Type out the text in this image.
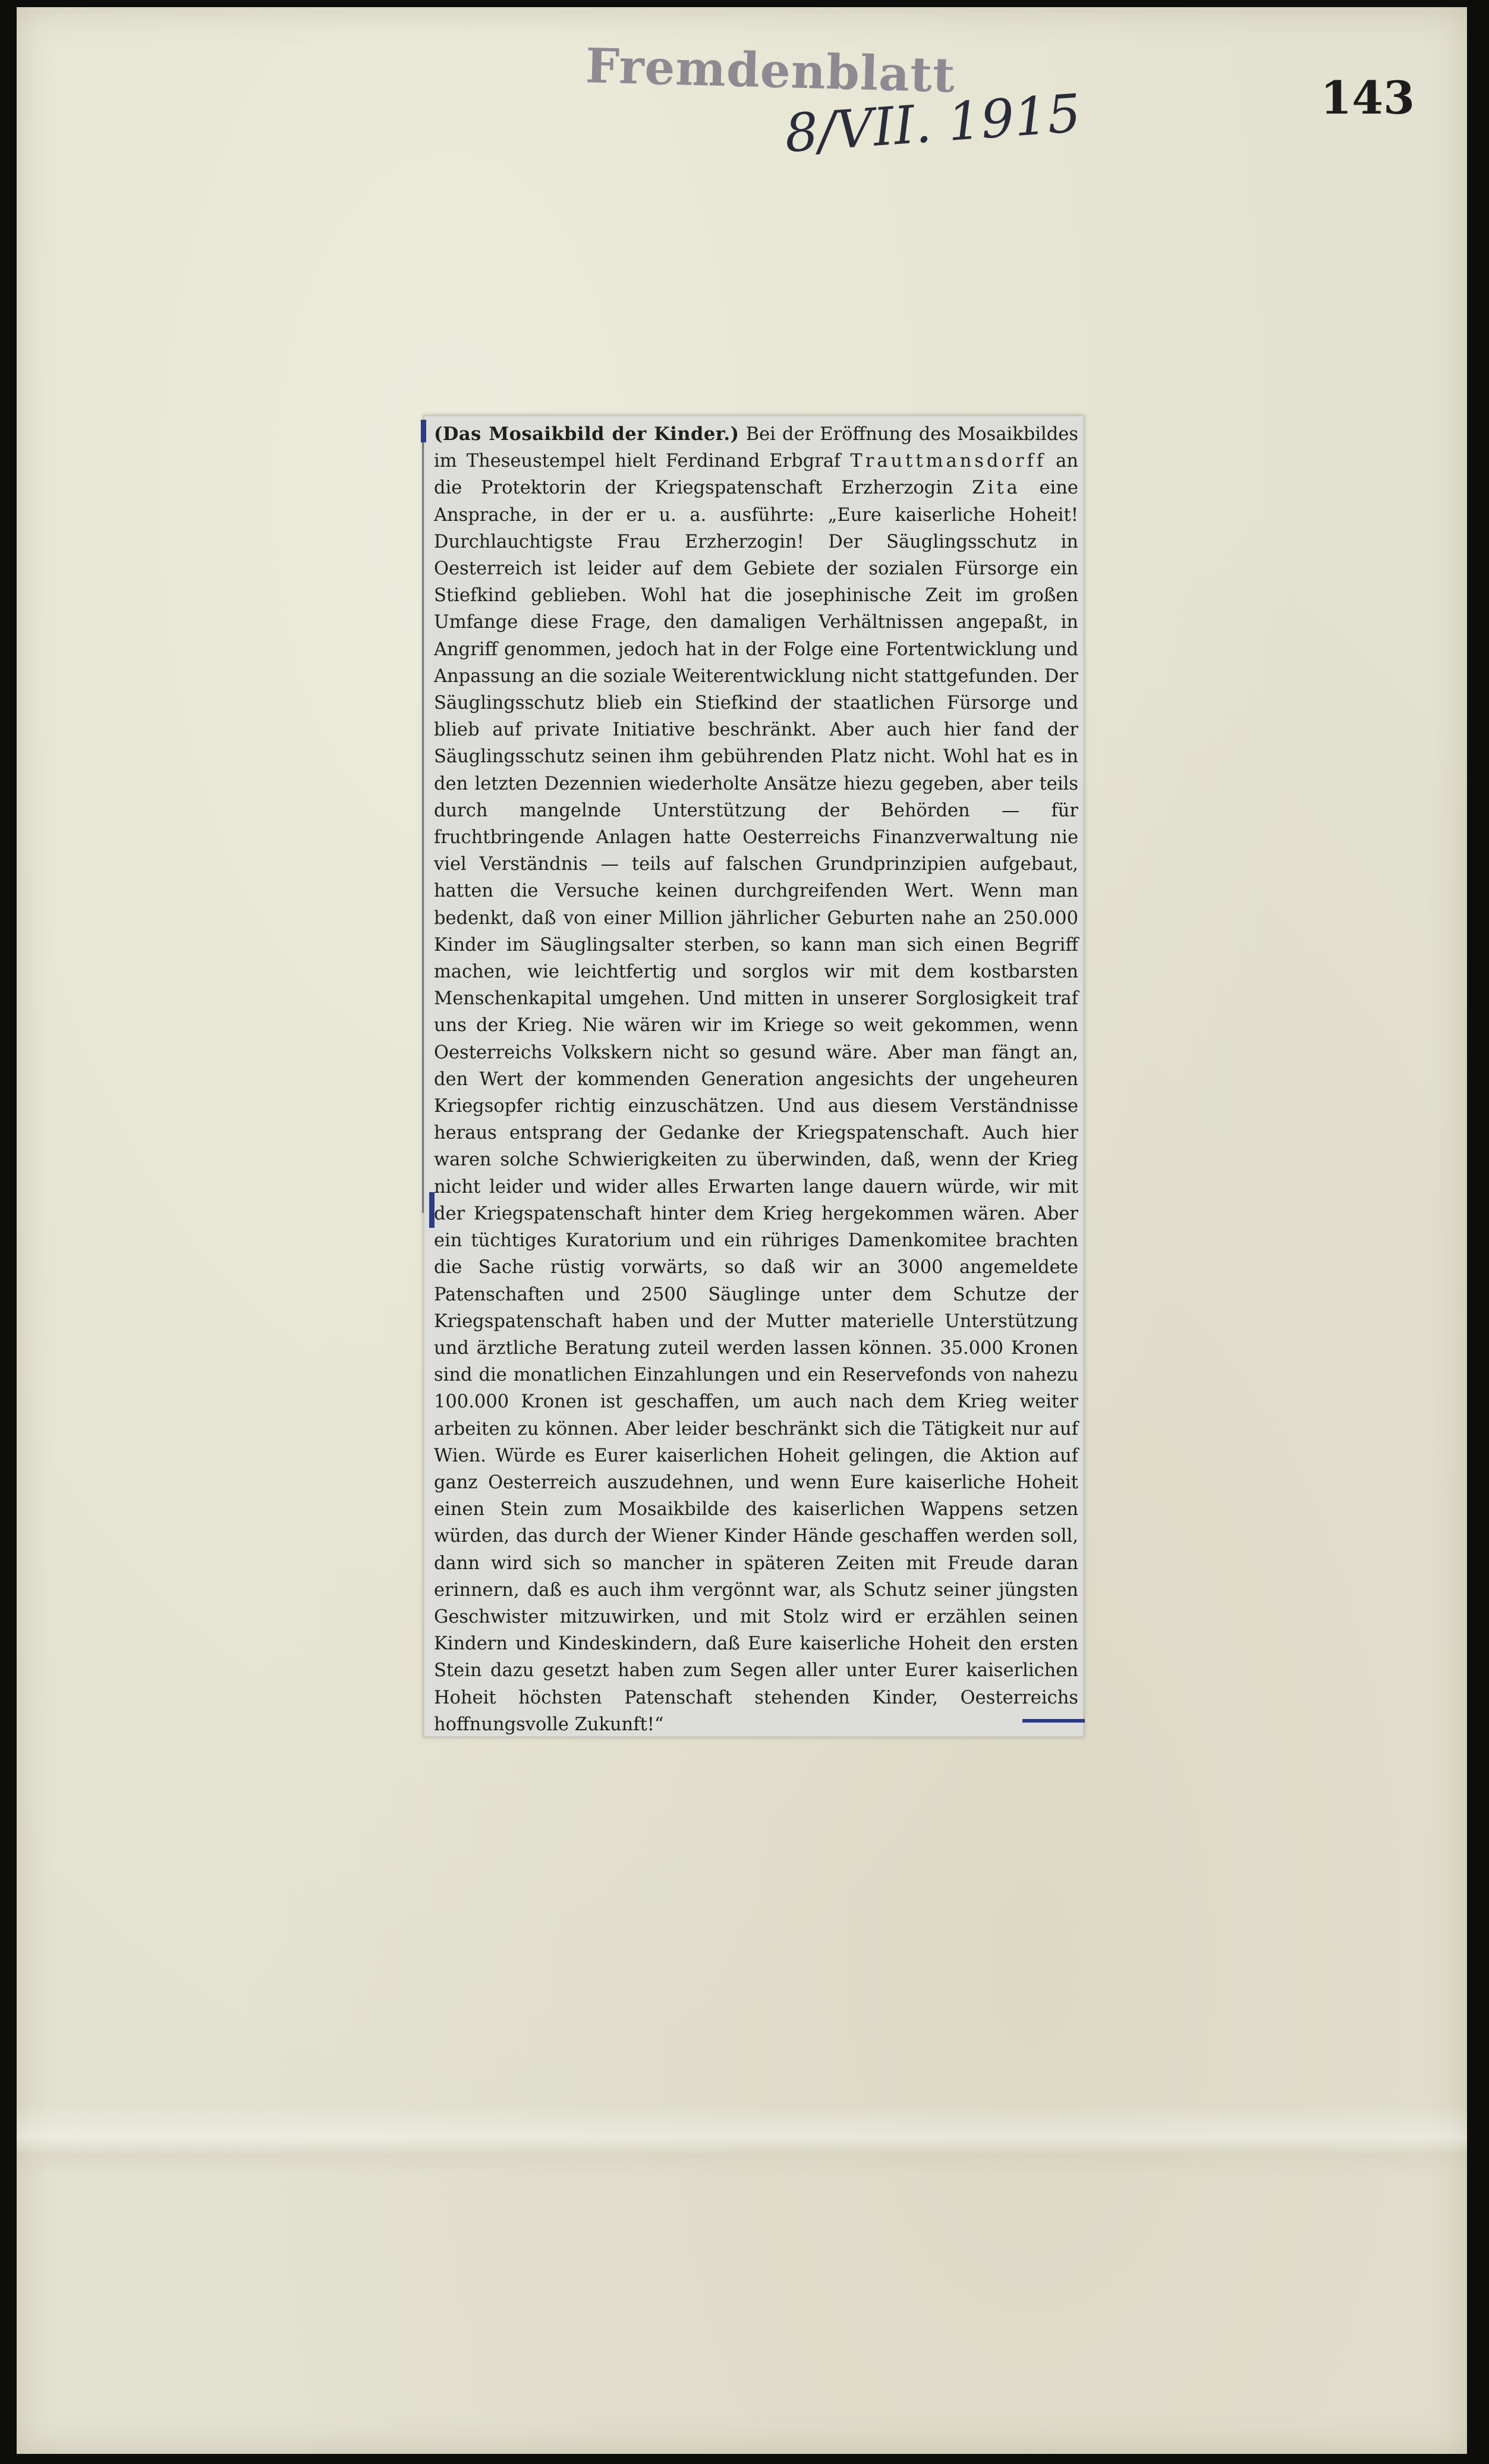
Fremdenblatt
8/VII. 1915	143

(Das Mosaikbild der Kinder.) Bei der Eröffnung des Mosaikbildes im Theseustempel hielt Ferdinand Erbgraf Trauttmansdorff an die Protektorin der Kriegspatenschaft Erzherzogin Zita eine Ansprache, in der er u. a. ausführte: „Eure kaiserliche Hoheit! Durchlauchtigste Frau Erzherzogin! Der Säuglingsschutz in Oesterreich ist leider auf dem Gebiete der sozialen Fürsorge ein Stiefkind geblieben. Wohl hat die josephinische Zeit im großen Umfange diese Frage, den damaligen Verhältnissen angepaßt, in Angriff genommen, jedoch hat in der Folge eine Fortentwicklung und Anpassung an die soziale Weiterentwicklung nicht stattgefunden. Der Säuglingsschutz blieb ein Stiefkind der staatlichen Fürsorge und blieb auf private Initiative beschränkt. Aber auch hier fand der Säuglingsschutz seinen ihm gebührenden Platz nicht. Wohl hat es in den letzten Dezennien wiederholte Ansätze hiezu gegeben, aber teils durch mangelnde Unterstützung der Behörden — für fruchtbringende Anlagen hatte Oesterreichs Finanzverwaltung nie viel Verständnis — teils auf falschen Grundprinzipien aufgebaut, hatten die Versuche keinen durchgreifenden Wert. Wenn man bedenkt, daß von einer Million jährlicher Geburten nahe an 250.000 Kinder im Säuglingsalter sterben, so kann man sich einen Begriff machen, wie leichtfertig und sorglos wir mit dem kostbarsten Menschenkapital umgehen. Und mitten in unserer Sorglosigkeit traf uns der Krieg. Nie wären wir im Kriege so weit gekommen, wenn Oesterreichs Volkskern nicht so gesund wäre. Aber man fängt an, den Wert der kommenden Generation angesichts der ungeheuren Kriegsopfer richtig einzuschätzen. Und aus diesem Verständnisse heraus entsprang der Gedanke der Kriegspatenschaft. Auch hier waren solche Schwierigkeiten zu überwinden, daß, wenn der Krieg nicht leider und wider alles Erwarten lange dauern würde, wir mit der Kriegspatenschaft hinter dem Krieg hergekommen wären. Aber ein tüchtiges Kuratorium und ein rühriges Damenkomitee brachten die Sache rüstig vorwärts, so daß wir an 3000 angemeldete Patenschaften und 2500 Säuglinge unter dem Schutze der Kriegspatenschaft haben und der Mutter materielle Unterstützung und ärztliche Beratung zuteil werden lassen können. 35.000 Kronen sind die monatlichen Einzahlungen und ein Reservefonds von nahezu 100.000 Kronen ist geschaffen, um auch nach dem Krieg weiter arbeiten zu können. Aber leider beschränkt sich die Tätigkeit nur auf Wien. Würde es Eurer kaiserlichen Hoheit gelingen, die Aktion auf ganz Oesterreich auszudehnen, und wenn Eure kaiserliche Hoheit einen Stein zum Mosaikbilde des kaiserlichen Wappens setzen würden, das durch der Wiener Kinder Hände geschaffen werden soll, dann wird sich so mancher in späteren Zeiten mit Freude daran erinnern, daß es auch ihm vergönnt war, als Schutz seiner jüngsten Geschwister mitzuwirken, und mit Stolz wird er erzählen seinen Kindern und Kindeskindern, daß Eure kaiserliche Hoheit den ersten Stein dazu gesetzt haben zum Segen aller unter Eurer kaiserlichen Hoheit höchsten Patenschaft stehenden Kinder, Oesterreichs hoffnungsvolle Zukunft!“
